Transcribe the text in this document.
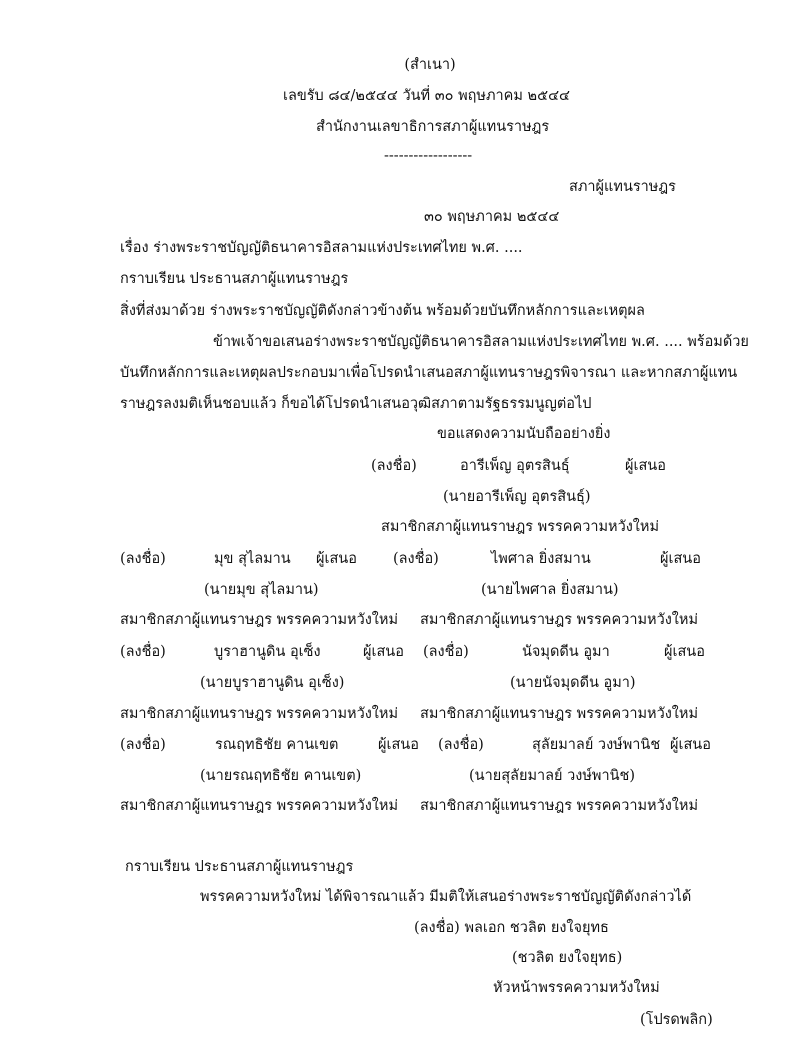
(สำเนา)
เลขรับ ๘๔/๒๕๔๔ วันที่ ๓๐ พฤษภาคม ๒๕๔๔
สำนักงานเลขาธิการสภาผู้แทนราษฎร
------------------
สภาผู้แทนราษฎร
๓๐ พฤษภาคม ๒๕๔๔
เรื่อง ร่างพระราชบัญญัติธนาคารอิสลามแห่งประเทศไทย พ.ศ. ....
กราบเรียน ประธานสภาผู้แทนราษฎร
สิ่งที่ส่งมาด้วย ร่างพระราชบัญญัติดังกล่าวข้างต้น พร้อมด้วยบันทึกหลักการและเหตุผล
ข้าพเจ้าขอเสนอร่างพระราชบัญญัติธนาคารอิสลามแห่งประเทศไทย พ.ศ. .... พร้อมด้วย
บันทึกหลักการและเหตุผลประกอบมาเพื่อโปรดนำเสนอสภาผู้แทนราษฎรพิจารณา และหากสภาผู้แทน
ราษฎรลงมติเห็นชอบแล้ว ก็ขอได้โปรดนำเสนอวุฒิสภาตามรัฐธรรมนูญต่อไป
ขอแสดงความนับถืออย่างยิ่ง
(ลงชื่อ)	อารีเพ็ญ อุตรสินธุ์	ผู้เสนอ
(นายอารีเพ็ญ อุตรสินธุ์)
สมาชิกสภาผู้แทนราษฎร พรรคความหวังใหม่
(ลงชื่อ)	มุข สุไลมาน ผู้เสนอ (ลงชื่อ)	ไพศาล ยิ่งสมาน	ผู้เสนอ
(นายมุข สุไลมาน)	(นายไพศาล ยิ่งสมาน)
สมาชิกสภาผู้แทนราษฎร พรรคความหวังใหม่ สมาชิกสภาผู้แทนราษฎร พรรคความหวังใหม่
(ลงชื่อ)	บูราฮานูดิน อุเซ็ง	ผู้เสนอ (ลงชื่อ)	นัจมุดดีน อูมา	ผู้เสนอ
(นายบูราฮานูดิน อุเซ็ง)	(นายนัจมุดดีน อูมา)
สมาชิกสภาผู้แทนราษฎร พรรคความหวังใหม่ สมาชิกสภาผู้แทนราษฎร พรรคความหวังใหม่
(ลงชื่อ)	รณฤทธิชัย คานเขต	ผู้เสนอ (ลงชื่อ)	สุลัยมาลย์ วงษ์พานิช ผู้เสนอ
(นายรณฤทธิชัย คานเขต)	(นายสุลัยมาลย์ วงษ์พานิช)
สมาชิกสภาผู้แทนราษฎร พรรคความหวังใหม่ สมาชิกสภาผู้แทนราษฎร พรรคความหวังใหม่
กราบเรียน ประธานสภาผู้แทนราษฎร
พรรคความหวังใหม่ ได้พิจารณาแล้ว มีมติให้เสนอร่างพระราชบัญญัติดังกล่าวได้
(ลงชื่อ) พลเอก ชวลิต ยงใจยุทธ
(ชวลิต ยงใจยุทธ)
หัวหน้าพรรคความหวังใหม่
(โปรดพลิก)
